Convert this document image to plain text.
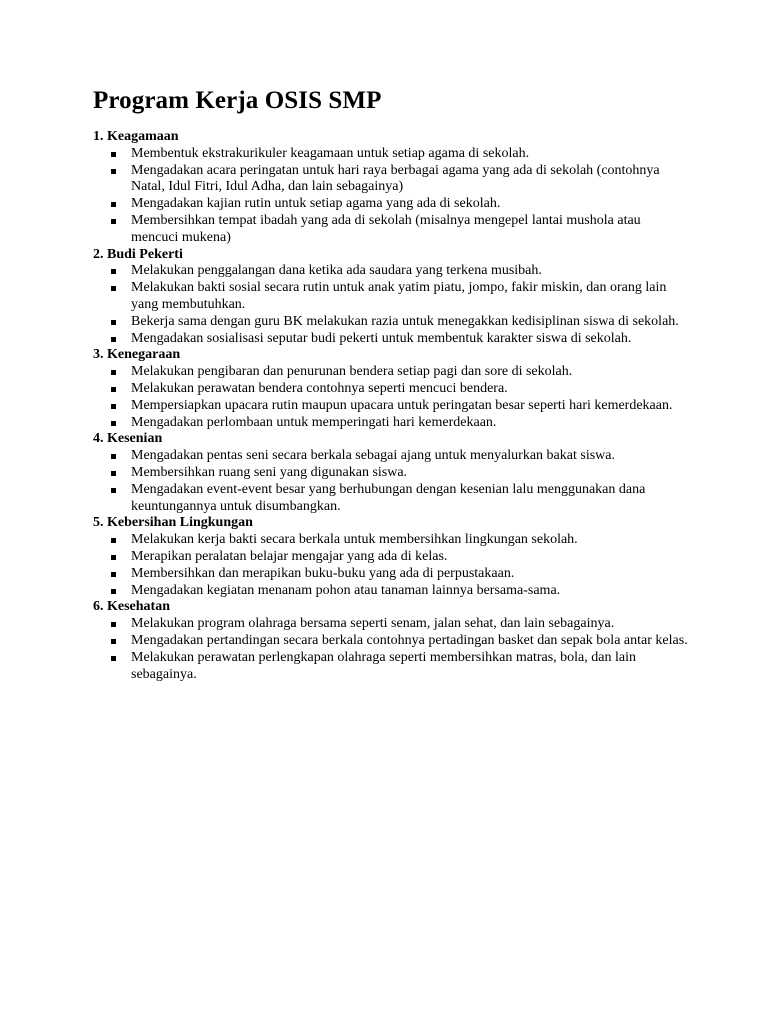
Program Kerja OSIS SMP
1. Keagamaan
Membentuk ekstrakurikuler keagamaan untuk setiap agama di sekolah.
Mengadakan acara peringatan untuk hari raya berbagai agama yang ada di sekolah (contohnya Natal, Idul Fitri, Idul Adha, dan lain sebagainya)
Mengadakan kajian rutin untuk setiap agama yang ada di sekolah.
Membersihkan tempat ibadah yang ada di sekolah (misalnya mengepel lantai mushola atau mencuci mukena)
2. Budi Pekerti
Melakukan penggalangan dana ketika ada saudara yang terkena musibah.
Melakukan bakti sosial secara rutin untuk anak yatim piatu, jompo, fakir miskin, dan orang lain yang membutuhkan.
Bekerja sama dengan guru BK melakukan razia untuk menegakkan kedisiplinan siswa di sekolah.
Mengadakan sosialisasi seputar budi pekerti untuk membentuk karakter siswa di sekolah.
3. Kenegaraan
Melakukan pengibaran dan penurunan bendera setiap pagi dan sore di sekolah.
Melakukan perawatan bendera contohnya seperti mencuci bendera.
Mempersiapkan upacara rutin maupun upacara untuk peringatan besar seperti hari kemerdekaan.
Mengadakan perlombaan untuk memperingati hari kemerdekaan.
4. Kesenian
Mengadakan pentas seni secara berkala sebagai ajang untuk menyalurkan bakat siswa.
Membersihkan ruang seni yang digunakan siswa.
Mengadakan event-event besar yang berhubungan dengan kesenian lalu menggunakan dana keuntungannya untuk disumbangkan.
5. Kebersihan Lingkungan
Melakukan kerja bakti secara berkala untuk membersihkan lingkungan sekolah.
Merapikan peralatan belajar mengajar yang ada di kelas.
Membersihkan dan merapikan buku-buku yang ada di perpustakaan.
Mengadakan kegiatan menanam pohon atau tanaman lainnya bersama-sama.
6. Kesehatan
Melakukan program olahraga bersama seperti senam, jalan sehat, dan lain sebagainya.
Mengadakan pertandingan secara berkala contohnya pertadingan basket dan sepak bola antar kelas.
Melakukan perawatan perlengkapan olahraga seperti membersihkan matras, bola, dan lain sebagainya.
